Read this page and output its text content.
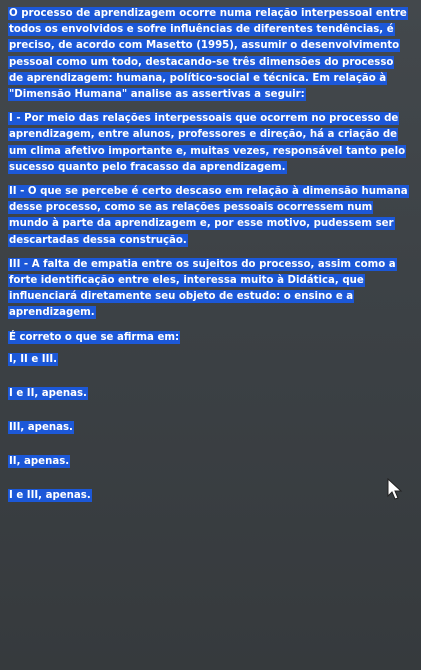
O processo de aprendizagem ocorre numa relação interpessoal entre todos os envolvidos e sofre influências de diferentes tendências, é preciso, de acordo com Masetto (1995), assumir o desenvolvimento pessoal como um todo, destacando-se três dimensões do processo de aprendizagem: humana, político-social e técnica. Em relação à "Dimensão Humana" analise as assertivas a seguir:

I - Por meio das relações interpessoais que ocorrem no processo de aprendizagem, entre alunos, professores e direção, há a criação de um clima afetivo importante e, muitas vezes, responsável tanto pelo sucesso quanto pelo fracasso da aprendizagem.

II - O que se percebe é certo descaso em relação à dimensão humana desse processo, como se as relações pessoais ocorressem num mundo à parte da aprendizagem e, por esse motivo, pudessem ser descartadas dessa construção.

III - A falta de empatia entre os sujeitos do processo, assim como a forte identificação entre eles, interessa muito à Didática, que influenciará diretamente seu objeto de estudo: o ensino e a aprendizagem.

É correto o que se afirma em:

I, II e III.
I e II, apenas.
III, apenas.
II, apenas.
I e III, apenas.
